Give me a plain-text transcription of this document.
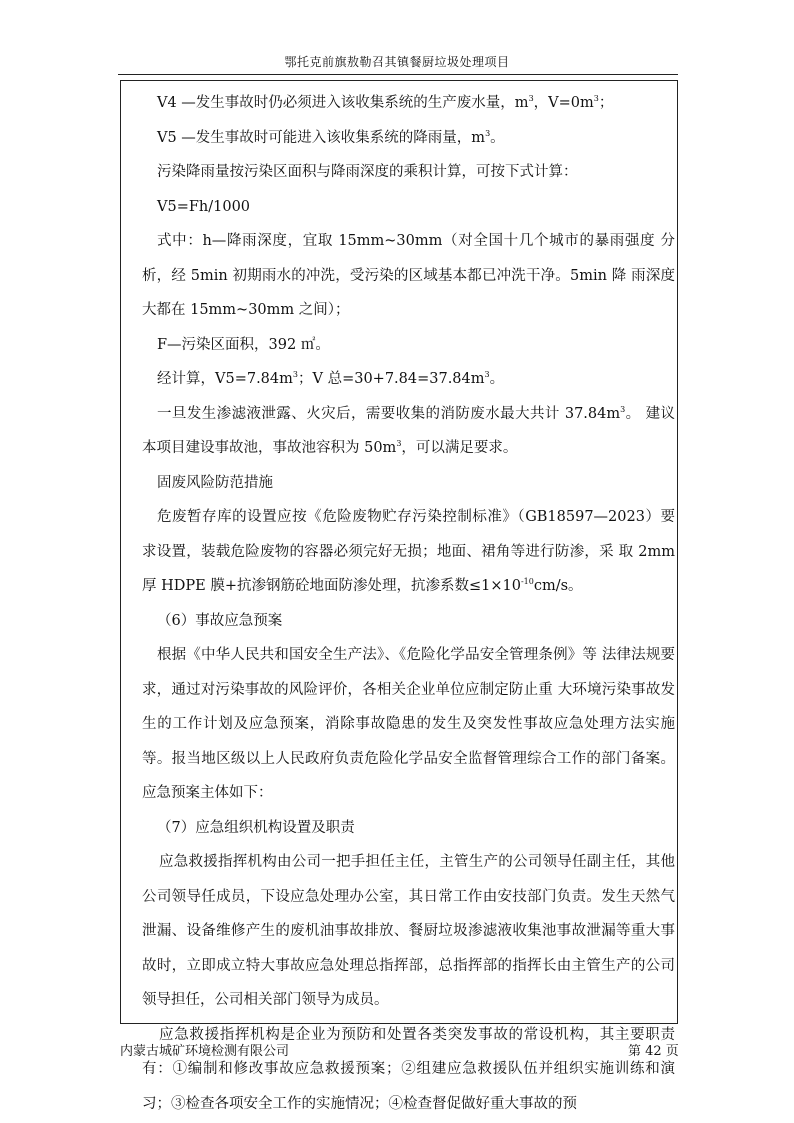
鄂托克前旗敖勒召其镇餐厨垃圾处理项目

V4 —发生事故时仍必须进入该收集系统的生产废水量，$m^3$，$V=0m^3$；

V5 —发生事故时可能进入该收集系统的降雨量，$m^3$。

污染降雨量按污染区面积与降雨深度的乘积计算，可按下式计算：

V5=Fh/1000

式中：h—降雨深度，宜取 15mm~30mm（对全国十几个城市的暴雨强度 分析，经 5min 初期雨水的冲洗，受污染的区域基本都已冲洗干净。5min 降 雨深度大都在 15mm~30mm 之间）；

F—污染区面积，392 ㎡。

经计算，$V5=7.84m^3$；V 总$=30+7.84=37.84m^3$。

一旦发生渗滤液泄露、火灾后，需要收集的消防废水最大共计 $37.84m^3$。 建议本项目建设事故池，事故池容积为 $50m^3$，可以满足要求。

固废风险防范措施

危废暂存库的设置应按《危险废物贮存污染控制标准》（GB18597—2023）要求设置，装载危险废物的容器必须完好无损；地面、裙角等进行防渗，采 取 2mm 厚 HDPE 膜+抗渗钢筋砼地面防渗处理，抗渗系数$\le 1\times 10^{-10}cm/s$。

（6）事故应急预案

根据《中华人民共和国安全生产法》、《危险化学品安全管理条例》等 法律法规要求，通过对污染事故的风险评价，各相关企业单位应制定防止重 大环境污染事故发生的工作计划及应急预案，消除事故隐患的发生及突发性事故应急处理方法实施等。报当地区级以上人民政府负责危险化学品安全监督管理综合工作的部门备案。应急预案主体如下：

（7）应急组织机构设置及职责

应急救援指挥机构由公司一把手担任主任，主管生产的公司领导任副主任，其他公司领导任成员，下设应急处理办公室，其日常工作由安技部门负责。发生天然气泄漏、设备维修产生的废机油事故排放、餐厨垃圾渗滤液收集池事故泄漏等重大事故时，立即成立特大事故应急处理总指挥部，总指挥部的指挥长由主管生产的公司领导担任，公司相关部门领导为成员。

应急救援指挥机构是企业为预防和处置各类突发事故的常设机构，其主要职责有：①编制和修改事故应急救援预案；②组建应急救援队伍并组织实施训练和演习；③检查各项安全工作的实施情况；④检查督促做好重大事故的预

内蒙古城矿环境检测有限公司	第 42 页
